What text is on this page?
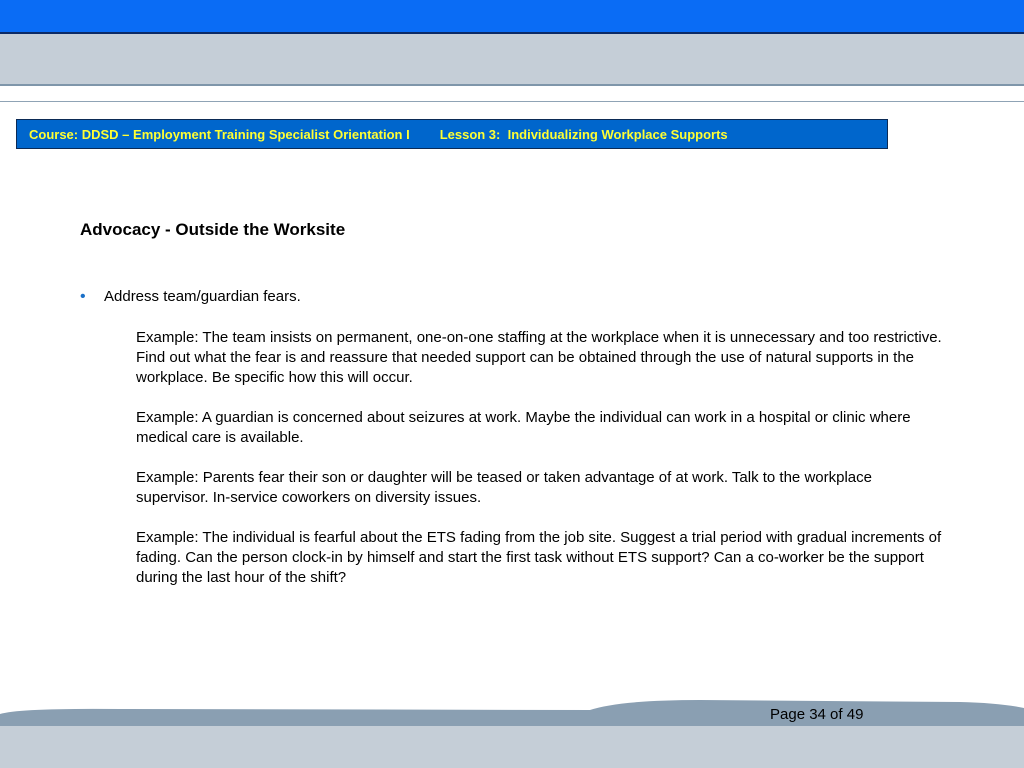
Course: DDSD – Employment Training Specialist Orientation I Lesson 3:  Individualizing Workplace Supports
Advocacy - Outside the Worksite
•	Address team/guardian fears.

Example: The team insists on permanent, one-on-one staffing at the workplace when it is unnecessary and too restrictive. Find out what the fear is and reassure that needed support can be obtained through the use of natural supports in the workplace. Be specific how this will occur.

Example: A guardian is concerned about seizures at work. Maybe the individual can work in a hospital or clinic where medical care is available.

Example: Parents fear their son or daughter will be teased or taken advantage of at work. Talk to the workplace supervisor. In-service coworkers on diversity issues.

Example: The individual is fearful about the ETS fading from the job site. Suggest a trial period with gradual increments of fading. Can the person clock-in by himself and start the first task without ETS support? Can a co-worker be the support during the last hour of the shift?

Page 34 of 49
